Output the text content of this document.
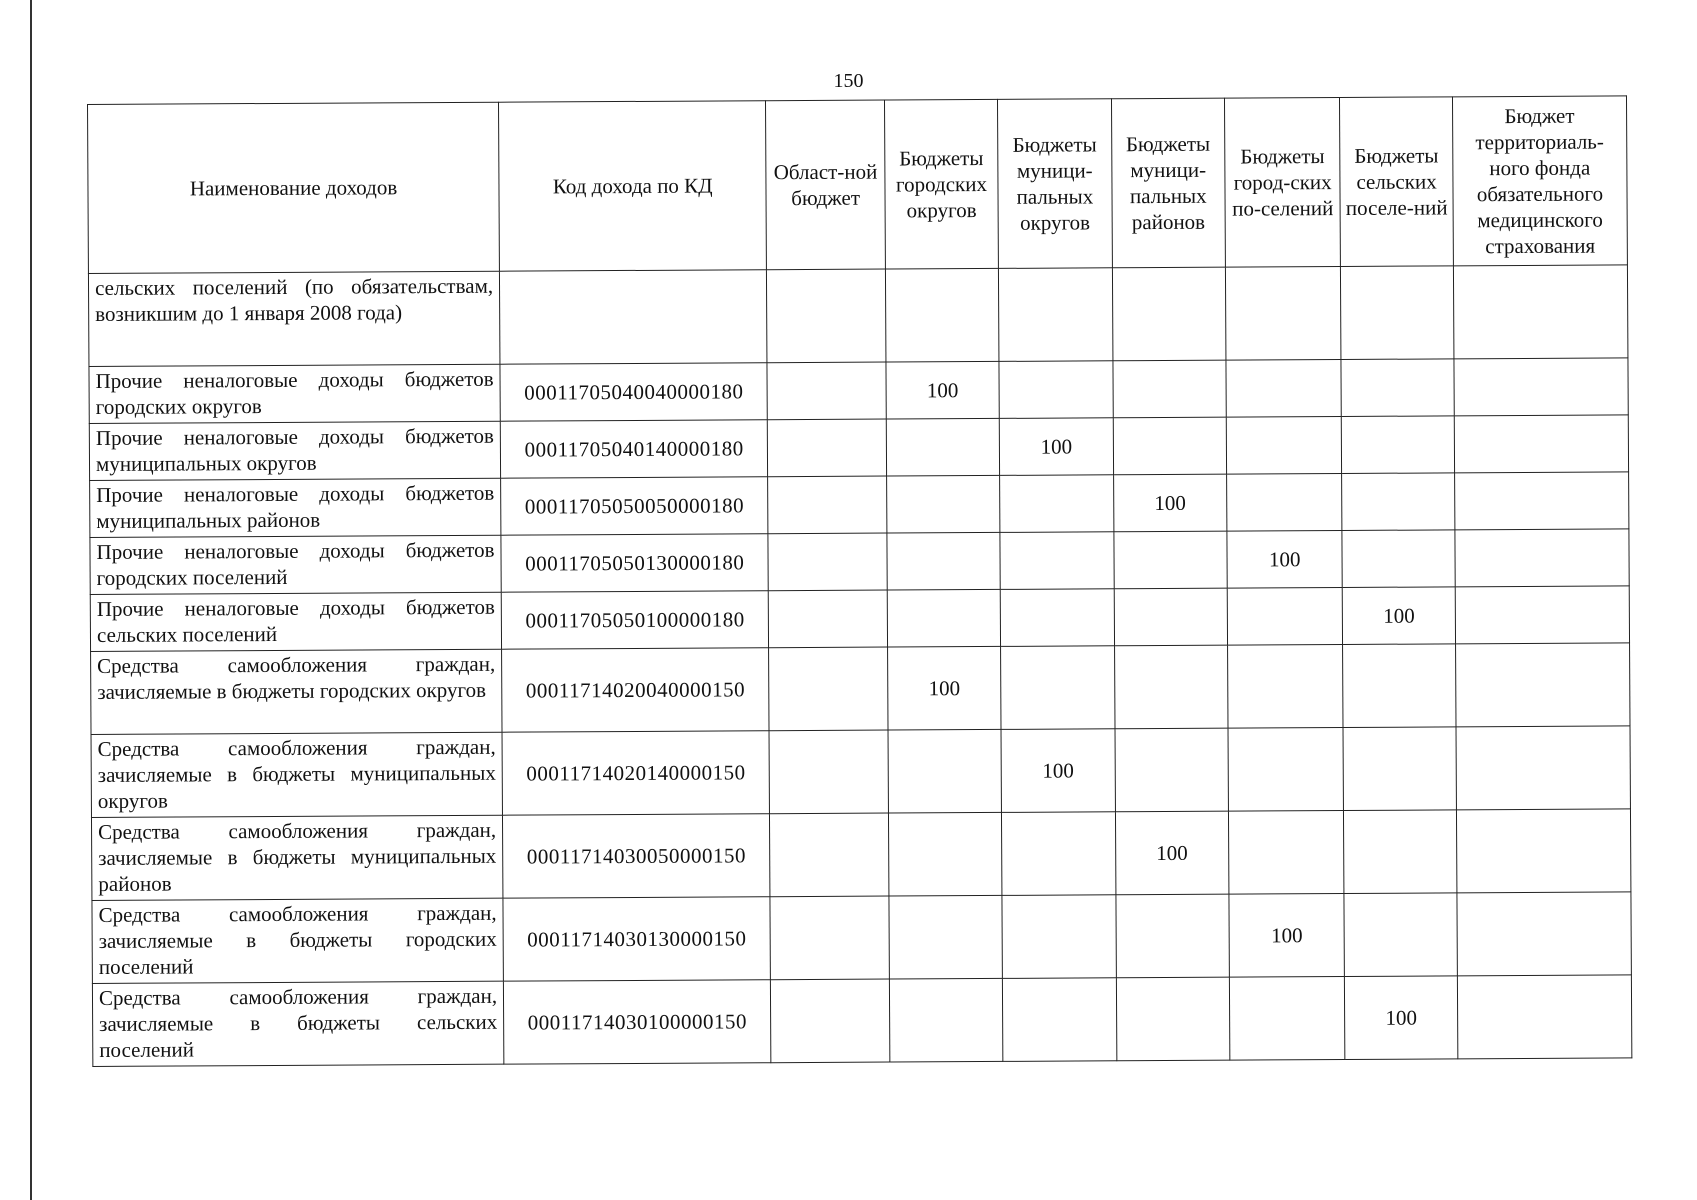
150
Наименование доходов	Код дохода по КД	Област-ной бюджет	Бюджеты городских округов	Бюджеты муници-пальных округов	Бюджеты муници-пальных районов	Бюджеты город-ских по-селений	Бюджеты сельских поселе-ний	Бюджет территориаль-ного фонда обязательного медицинского страхования
сельских поселений (по обязательствам, возникшим до 1 января 2008 года)								
Прочие неналоговые доходы бюджетов городских округов	00011705040040000180		100					
Прочие неналоговые доходы бюджетов муниципальных округов	00011705040140000180			100				
Прочие неналоговые доходы бюджетов муниципальных районов	00011705050050000180				100			
Прочие неналоговые доходы бюджетов городских поселений	00011705050130000180					100		
Прочие неналоговые доходы бюджетов сельских поселений	00011705050100000180						100	
Средства самообложения граждан, зачисляемые в бюджеты городских округов	00011714020040000150		100					
Средства самообложения граждан, зачисляемые в бюджеты муниципальных округов	00011714020140000150			100				
Средства самообложения граждан, зачисляемые в бюджеты муниципальных районов	00011714030050000150				100			
Средства самообложения граждан, зачисляемые в бюджеты городских поселений	00011714030130000150					100		
Средства самообложения граждан, зачисляемые в бюджеты сельских поселений	00011714030100000150						100	
